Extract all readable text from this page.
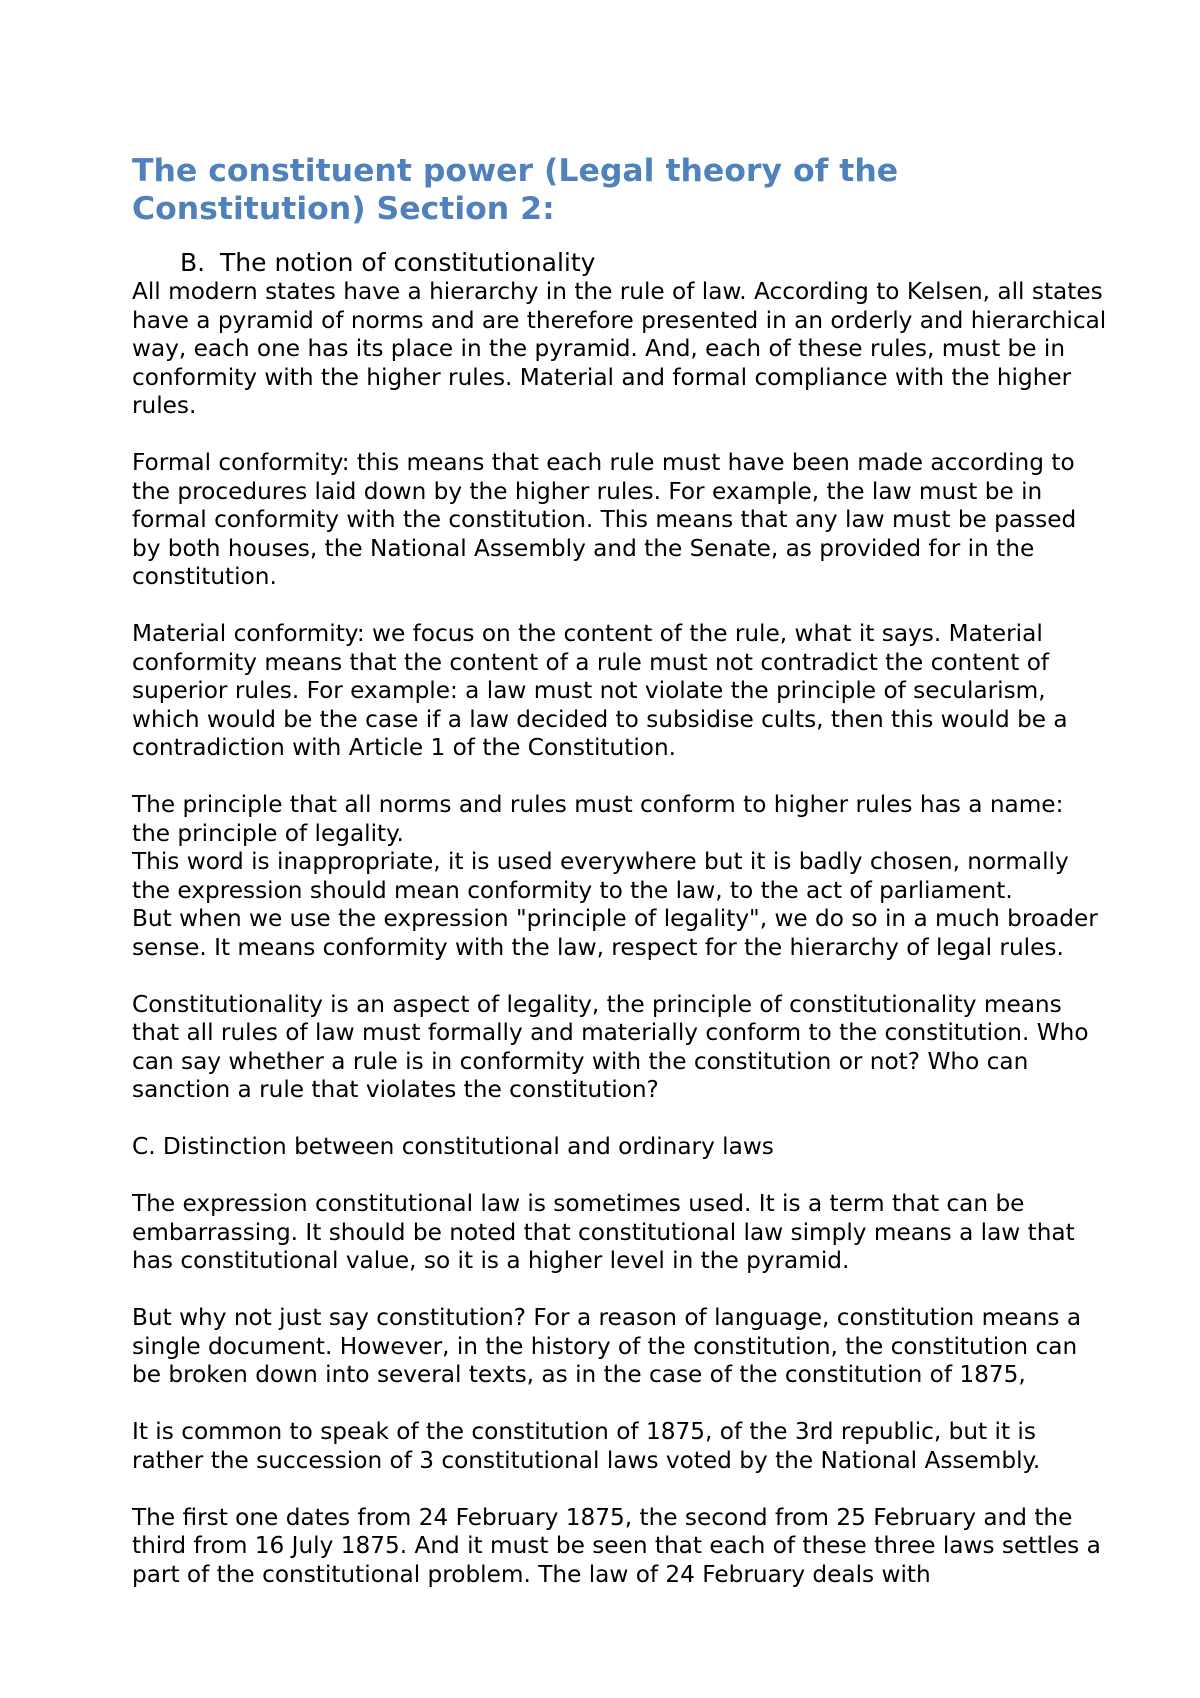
The constituent power (Legal theory of the Constitution) Section 2:
B. The notion of constitutionality

All modern states have a hierarchy in the rule of law. According to Kelsen, all states have a pyramid of norms and are therefore presented in an orderly and hierarchical way, each one has its place in the pyramid. And, each of these rules, must be in conformity with the higher rules. Material and formal compliance with the higher rules.

Formal conformity: this means that each rule must have been made according to the procedures laid down by the higher rules. For example, the law must be in formal conformity with the constitution. This means that any law must be passed by both houses, the National Assembly and the Senate, as provided for in the constitution.

Material conformity: we focus on the content of the rule, what it says. Material conformity means that the content of a rule must not contradict the content of superior rules. For example: a law must not violate the principle of secularism, which would be the case if a law decided to subsidise cults, then this would be a contradiction with Article 1 of the Constitution.

The principle that all norms and rules must conform to higher rules has a name: the principle of legality.
This word is inappropriate, it is used everywhere but it is badly chosen, normally the expression should mean conformity to the law, to the act of parliament.
But when we use the expression "principle of legality", we do so in a much broader sense. It means conformity with the law, respect for the hierarchy of legal rules.

Constitutionality is an aspect of legality, the principle of constitutionality means that all rules of law must formally and materially conform to the constitution. Who can say whether a rule is in conformity with the constitution or not? Who can sanction a rule that violates the constitution?

C. Distinction between constitutional and ordinary laws

The expression constitutional law is sometimes used. It is a term that can be embarrassing. It should be noted that constitutional law simply means a law that has constitutional value, so it is a higher level in the pyramid.

But why not just say constitution? For a reason of language, constitution means a single document. However, in the history of the constitution, the constitution can be broken down into several texts, as in the case of the constitution of 1875,

It is common to speak of the constitution of 1875, of the 3rd republic, but it is rather the succession of 3 constitutional laws voted by the National Assembly.

The first one dates from 24 February 1875, the second from 25 February and the third from 16 July 1875. And it must be seen that each of these three laws settles a part of the constitutional problem. The law of 24 February deals with
